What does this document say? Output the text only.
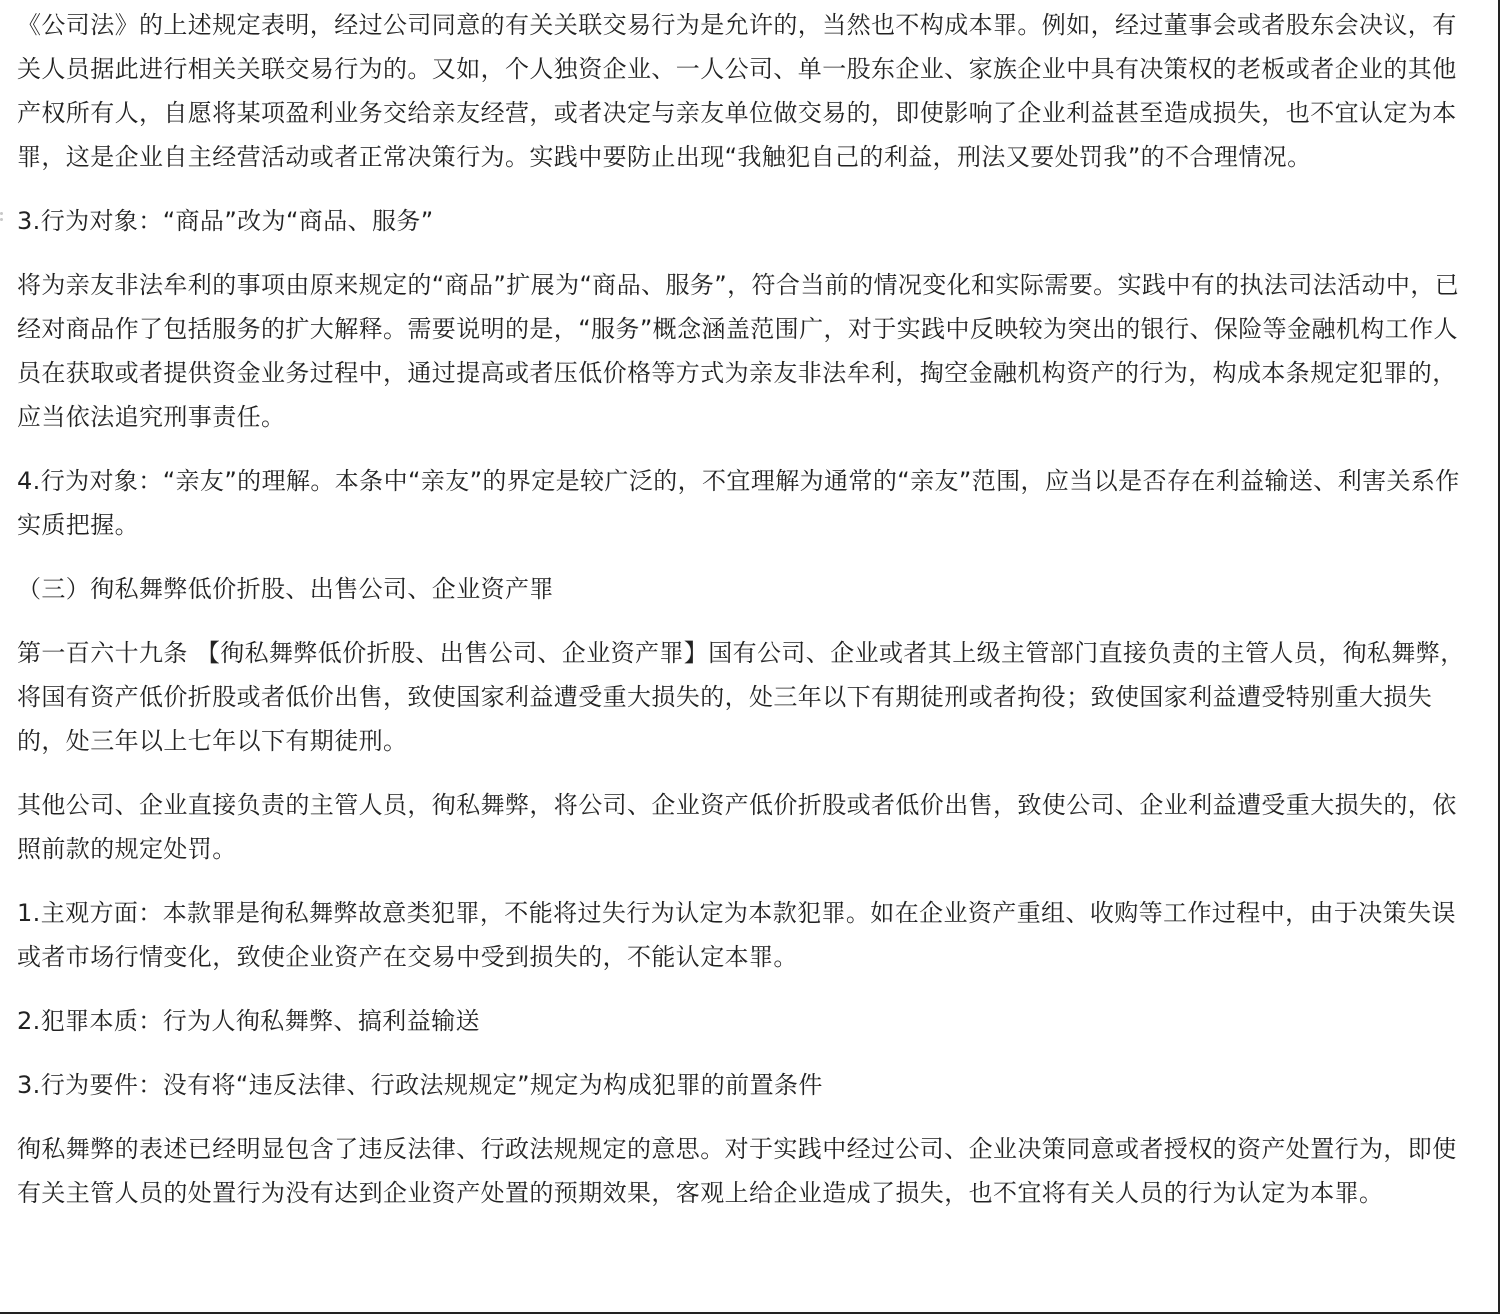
《公司法》的上述规定表明，经过公司同意的有关关联交易行为是允许的，当然也不构成本罪。例如，经过董事会或者股东会决议，有关人员据此进行相关关联交易行为的。又如，个人独资企业、一人公司、单一股东企业、家族企业中具有决策权的老板或者企业的其他产权所有人，自愿将某项盈利业务交给亲友经营，或者决定与亲友单位做交易的，即使影响了企业利益甚至造成损失，也不宜认定为本罪，这是企业自主经营活动或者正常决策行为。实践中要防止出现“我触犯自己的利益，刑法又要处罚我”的不合理情况。

3.行为对象：“商品”改为“商品、服务”

将为亲友非法牟利的事项由原来规定的“商品”扩展为“商品、服务”，符合当前的情况变化和实际需要。实践中有的执法司法活动中，已经对商品作了包括服务的扩大解释。需要说明的是，“服务”概念涵盖范围广，对于实践中反映较为突出的银行、保险等金融机构工作人员在获取或者提供资金业务过程中，通过提高或者压低价格等方式为亲友非法牟利，掏空金融机构资产的行为，构成本条规定犯罪的，应当依法追究刑事责任。

4.行为对象：“亲友”的理解。本条中“亲友”的界定是较广泛的，不宜理解为通常的“亲友”范围，应当以是否存在利益输送、利害关系作实质把握。

（三）徇私舞弊低价折股、出售公司、企业资产罪

第一百六十九条 【徇私舞弊低价折股、出售公司、企业资产罪】国有公司、企业或者其上级主管部门直接负责的主管人员，徇私舞弊，将国有资产低价折股或者低价出售，致使国家利益遭受重大损失的，处三年以下有期徒刑或者拘役；致使国家利益遭受特别重大损失的，处三年以上七年以下有期徒刑。

其他公司、企业直接负责的主管人员，徇私舞弊，将公司、企业资产低价折股或者低价出售，致使公司、企业利益遭受重大损失的，依照前款的规定处罚。

1.主观方面：本款罪是徇私舞弊故意类犯罪，不能将过失行为认定为本款犯罪。如在企业资产重组、收购等工作过程中，由于决策失误或者市场行情变化，致使企业资产在交易中受到损失的，不能认定本罪。

2.犯罪本质：行为人徇私舞弊、搞利益输送

3.行为要件：没有将“违反法律、行政法规规定”规定为构成犯罪的前置条件

徇私舞弊的表述已经明显包含了违反法律、行政法规规定的意思。对于实践中经过公司、企业决策同意或者授权的资产处置行为，即使有关主管人员的处置行为没有达到企业资产处置的预期效果，客观上给企业造成了损失，也不宜将有关人员的行为认定为本罪。
